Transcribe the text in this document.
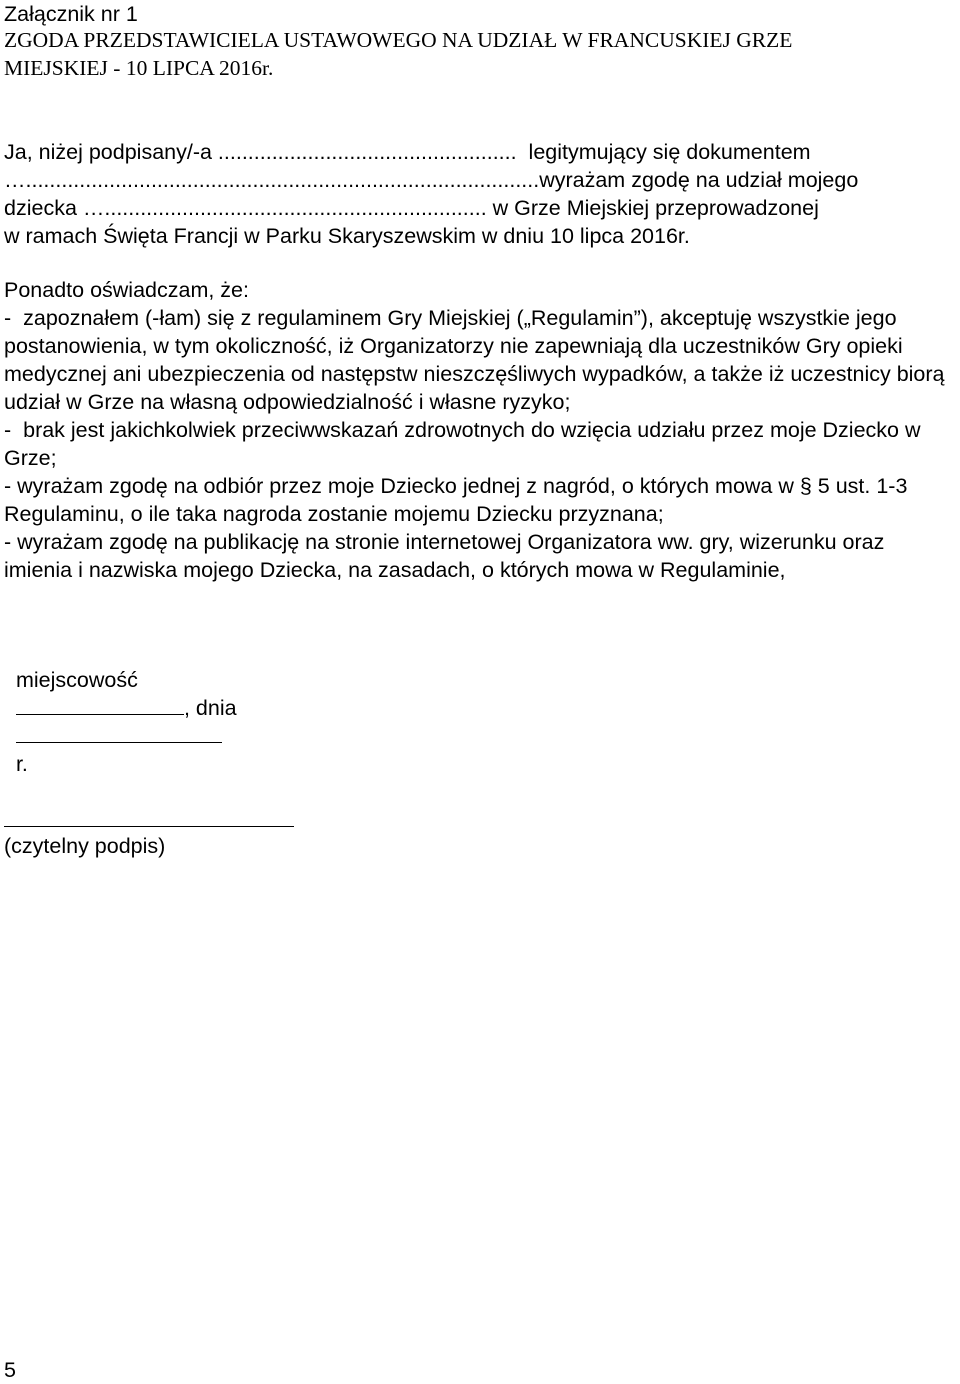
Załącznik nr 1
ZGODA PRZEDSTAWICIELA USTAWOWEGO NA UDZIAŁ W FRANCUSKIEJ GRZE
MIEJSKIEJ - 10 LIPCA 2016r.
Ja, niżej podpisany/-a ..................................................  legitymujący się dokumentem
…......................................................................................wyrażam zgodę na udział mojego
dziecka …................................................................ w Grze Miejskiej przeprowadzonej
w ramach Święta Francji w Parku Skaryszewskim w dniu 10 lipca 2016r.
Ponadto oświadczam, że:
-  zapoznałem (-łam) się z regulaminem Gry Miejskiej („Regulamin”), akceptuję wszystkie jego
postanowienia, w tym okoliczność, iż Organizatorzy nie zapewniają dla uczestników Gry opieki
medycznej ani ubezpieczenia od następstw nieszczęśliwych wypadków, a także iż uczestnicy biorą
udział w Grze na własną odpowiedzialność i własne ryzyko;
-  brak jest jakichkolwiek przeciwwskazań zdrowotnych do wzięcia udziału przez moje Dziecko w
Grze;
- wyrażam zgodę na odbiór przez moje Dziecko jednej z nagród, o których mowa w § 5 ust. 1-3
Regulaminu, o ile taka nagroda zostanie mojemu Dziecku przyznana;
- wyrażam zgodę na publikację na stronie internetowej Organizatora ww. gry, wizerunku oraz
imienia i nazwiska mojego Dziecka, na zasadach, o których mowa w Regulaminie,

miejscowość
, dnia

r.

(czytelny podpis)
5
